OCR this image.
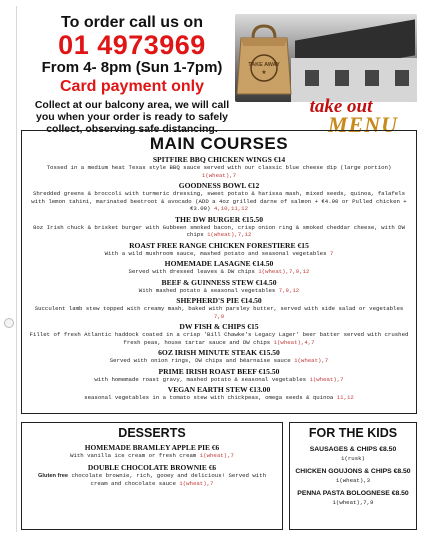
To order call us on
01 4973969
From 4- 8pm (Sun 1-7pm)
Card payment only
Collect at our balcony area, we will call you when your order is ready to safely collect, observing safe distancing.
TAKE AWAY
★
take out
MENU
MAIN COURSES
SPITFIRE BBQ CHICKEN WINGS €14
Tossed in a medium heat Texas style BBQ sauce served with our classic blue cheese dip (large portion) 1(wheat),7
GOODNESS BOWL €12
Shredded greens & broccoli with turmeric dressing, sweet potato & harissa mash, mixed seeds, quinoa, falafels with lemon tahini, marinated beetroot & avocado (ADD a 4oz grilled darne of salmon + €4.00 or Pulled chicken + €3.00) 4,10,11,12
THE DW BURGER €15.50
8oz Irish chuck & brisket burger with Gubbeen smoked bacon, crisp onion ring & smoked cheddar cheese, with DW chips 1(wheat),7,12
ROAST FREE RANGE CHICKEN FORESTIERE €15
With a wild mushroom sauce, mashed potato and seasonal vegetables 7
HOMEMADE LASAGNE €14.50
Served with dressed leaves & DW chips 1(wheat),7,9,12
BEEF & GUINNESS STEW €14.50
With mashed potato & seasonal vegetables 7,9,12
SHEPHERD'S PIE €14.50
Succulent lamb stew topped with creamy mash, baked with parsley butter, served with side salad or vegetables 7,9
DW FISH & CHIPS €15
Fillet of fresh Atlantic haddock coated in a crisp 'Bill Chawke's Legacy Lager' beer batter served with crushed fresh peas, house tartar sauce and DW chips 1(wheat),4,7
6OZ IRISH MINUTE STEAK €15.50
Served with onion rings, DW chips and béarnaise sauce 1(wheat),7
PRIME IRISH ROAST BEEF €15.50
with homemade roast gravy, mashed potato & seasonal vegetables 1(wheat),7
VEGAN EARTH STEW €13.00
seasonal vegetables in a tomato stew with chickpeas, omega seeds & quinoa 11,12
DESSERTS
HOMEMADE BRAMLEY APPLE PIE €6
With vanilla ice cream or fresh cream 1(wheat),7
DOUBLE CHOCOLATE BROWNIE €6
Gluten free chocolate brownie, rich, gooey and delicious! Served with cream and chocolate sauce 1(wheat),7
FOR THE KIDS
SAUSAGES & CHIPS €8.50
1(rusk)
CHICKEN GOUJONS & CHIPS €8.50
1(wheat),3
PENNA PASTA BOLOGNESE €8.50
1(wheat),7,9
